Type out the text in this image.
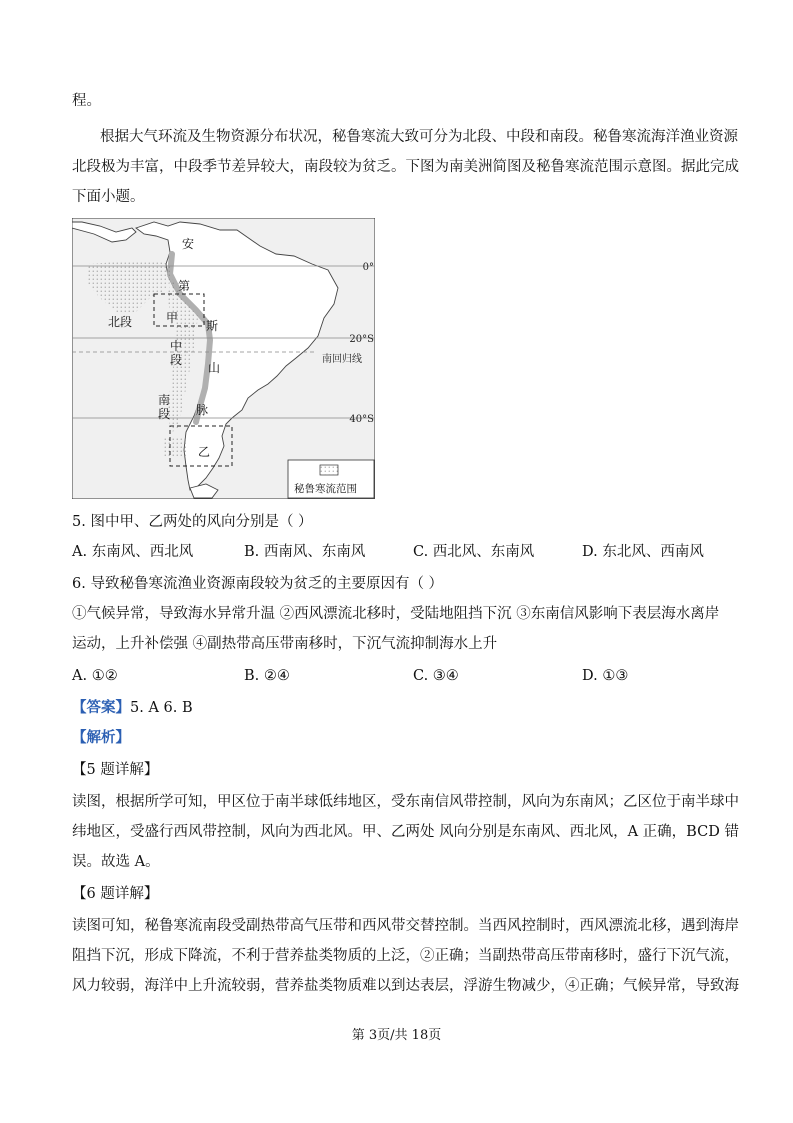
程。
根据大气环流及生物资源分布状况，秘鲁寒流大致可分为北段、中段和南段。秘鲁寒流海洋渔业资源
北段极为丰富，中段季节差异较大，南段较为贫乏。下图为南美洲简图及秘鲁寒流范围示意图。据此完成
下面小题。
安
第
斯
山
脉
甲
乙
北段
中
段
南
段
0°
20°S
40°S
南回归线
秘鲁寒流范围
5. 图中甲、乙两处的风向分别是（ ）
A. 东南风、西北风	B. 西南风、东南风	C. 西北风、东南风	D. 东北风、西南风
6. 导致秘鲁寒流渔业资源南段较为贫乏的主要原因有（ ）
①气候异常，导致海水异常升温 ②西风漂流北移时，受陆地阻挡下沉 ③东南信风影响下表层海水离岸
运动，上升补偿强 ④副热带高压带南移时，下沉气流抑制海水上升
A. ①②	B. ②④	C. ③④	D. ①③
【答案】5. A 6. B
【解析】
【5 题详解】
读图，根据所学可知，甲区位于南半球低纬地区，受东南信风带控制，风向为东南风；乙区位于南半球中
纬地区，受盛行西风带控制，风向为西北风。甲、乙两处 风向分别是东南风、西北风，A 正确，BCD 错
误。故选 A。
【6 题详解】
读图可知，秘鲁寒流南段受副热带高气压带和西风带交替控制。当西风控制时，西风漂流北移，遇到海岸
阻挡下沉，形成下降流，不利于营养盐类物质的上泛，②正确；当副热带高压带南移时，盛行下沉气流，
风力较弱，海洋中上升流较弱，营养盐类物质难以到达表层，浮游生物减少，④正确；气候异常，导致海
第 3页/共 18页
